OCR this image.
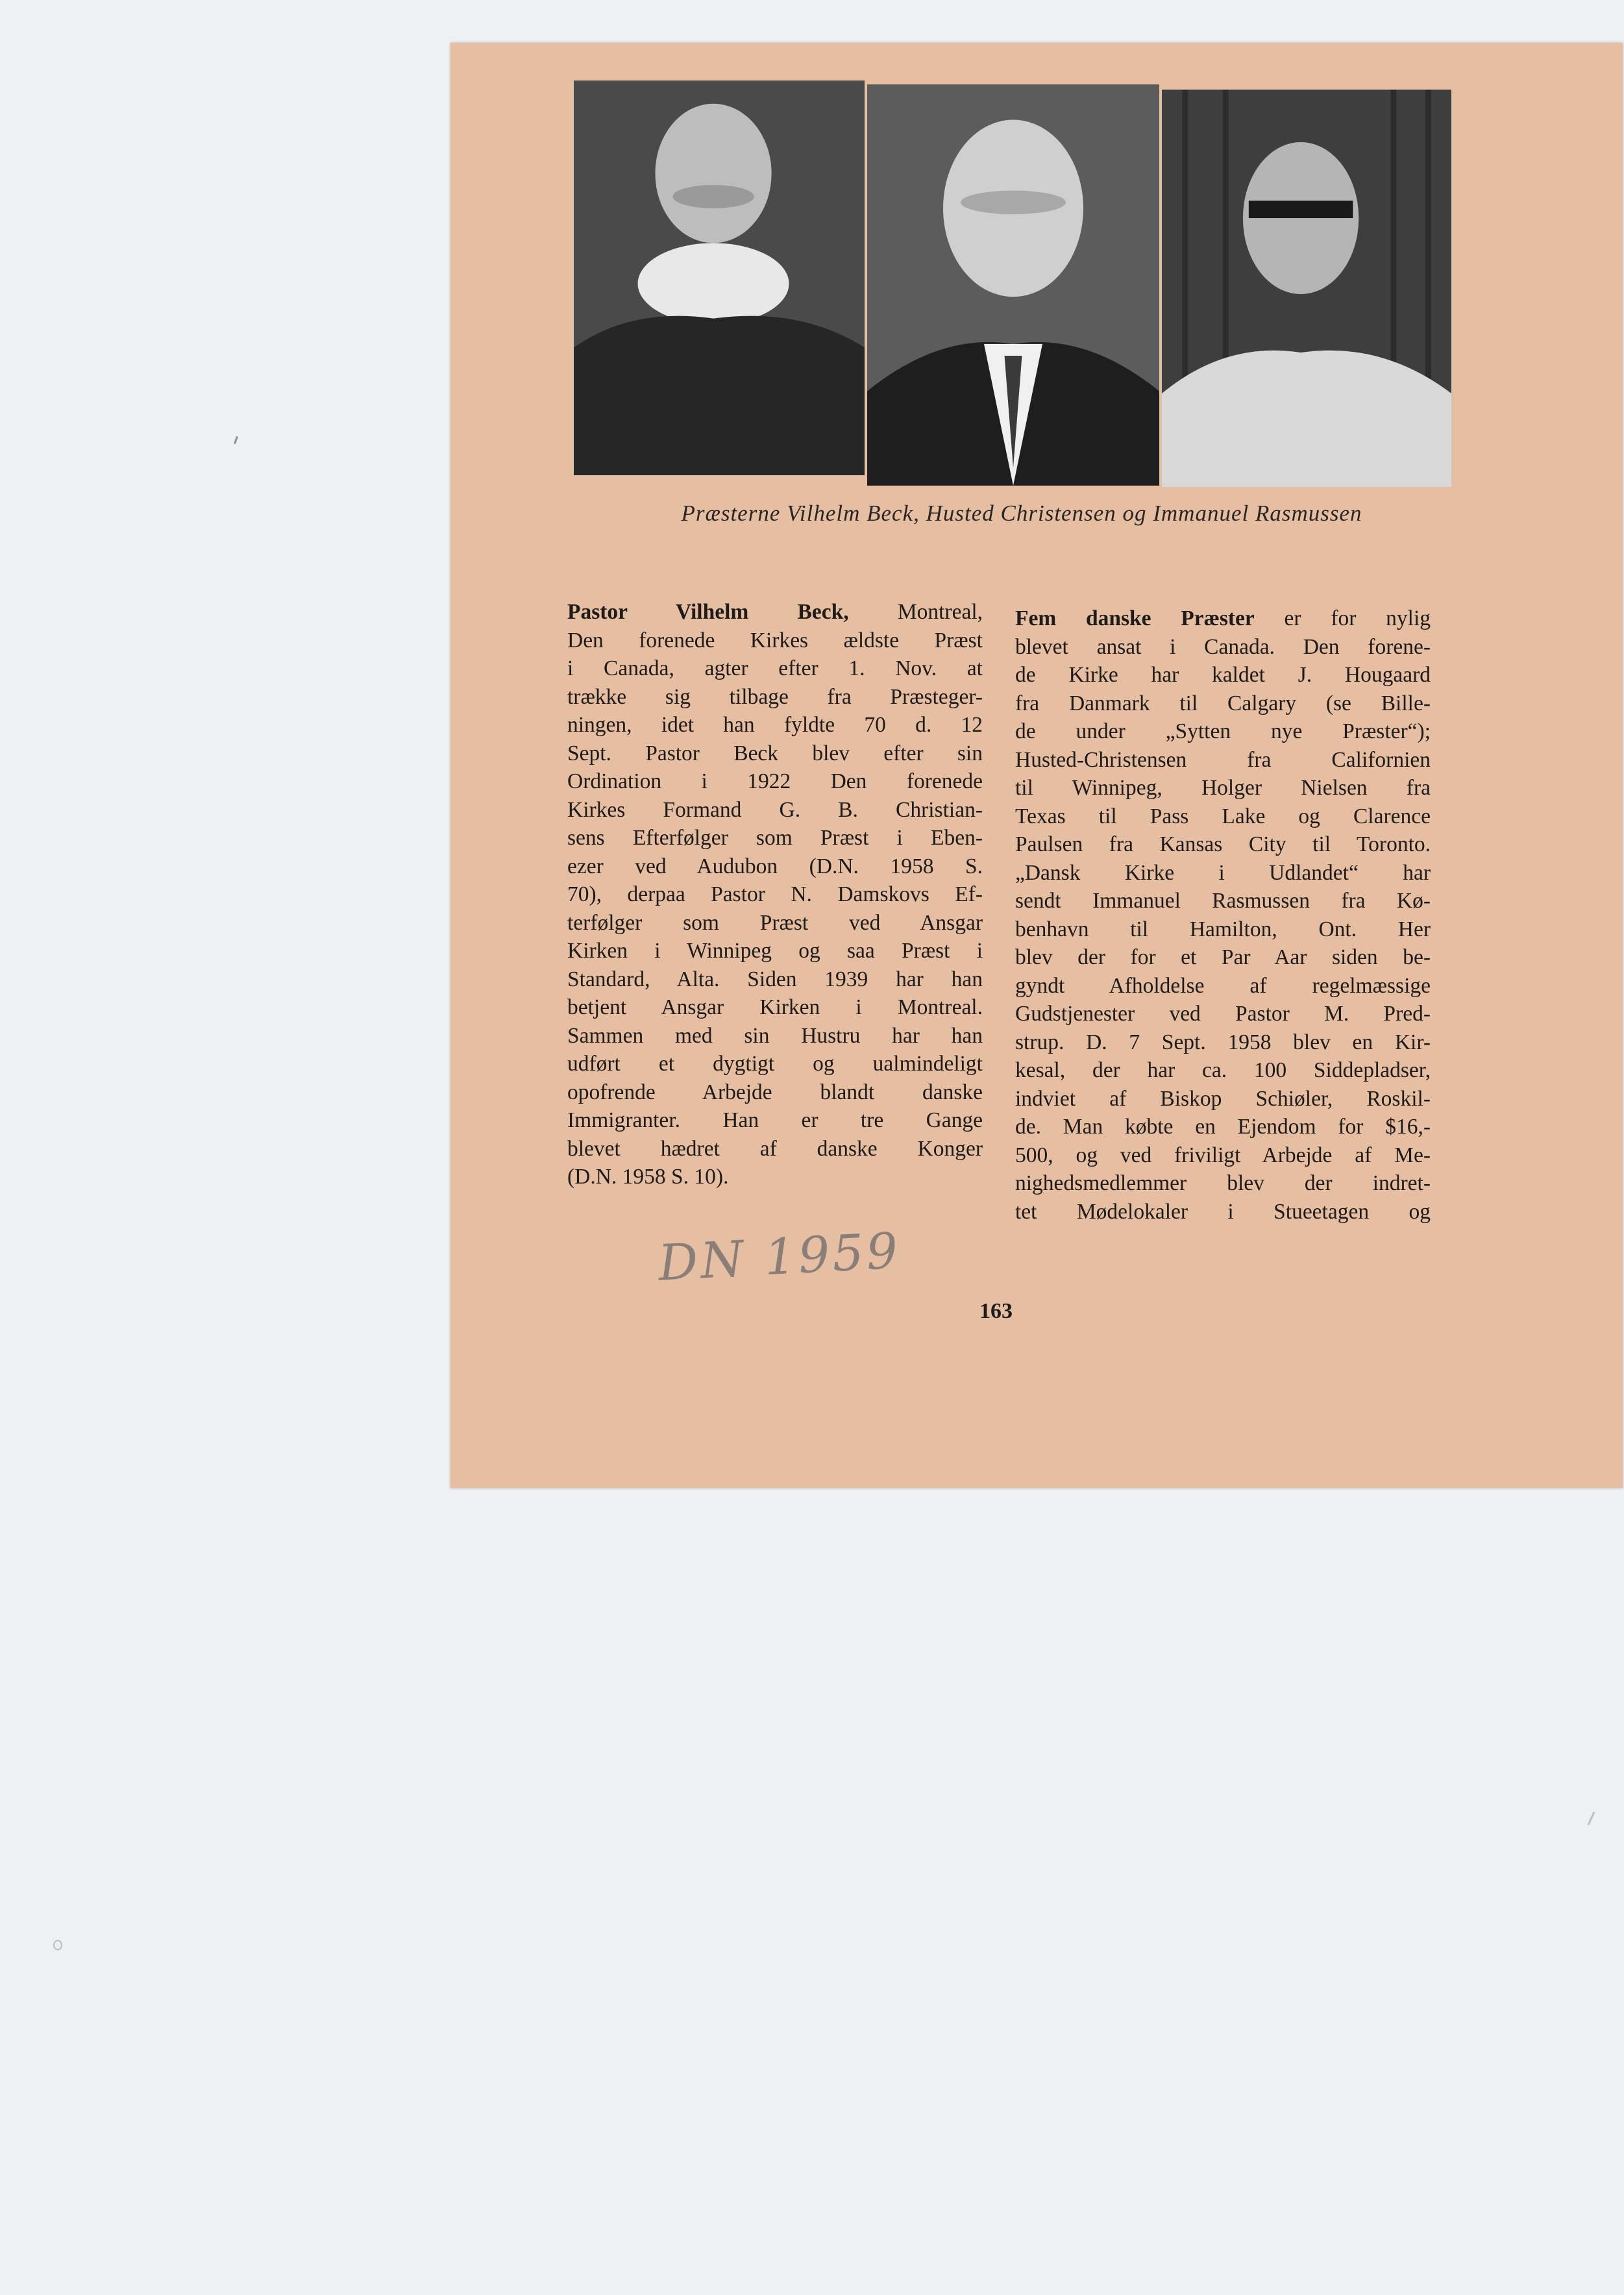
Præsterne Vilhelm Beck, Husted Christensen og Immanuel Rasmussen
Pastor Vilhelm Beck, Montreal,
Den forenede Kirkes ældste Præst
i Canada, agter efter 1. Nov. at
trække sig tilbage fra Præsteger-
ningen, idet han fyldte 70 d. 12
Sept. Pastor Beck blev efter sin
Ordination i 1922 Den forenede
Kirkes Formand G. B. Christian-
sens Efterfølger som Præst i Eben-
ezer ved Audubon (D.N. 1958 S.
70), derpaa Pastor N. Damskovs Ef-
terfølger som Præst ved Ansgar
Kirken i Winnipeg og saa Præst i
Standard, Alta. Siden 1939 har han
betjent Ansgar Kirken i Montreal.
Sammen med sin Hustru har han
udført et dygtigt og ualmindeligt
opofrende Arbejde blandt danske
Immigranter. Han er tre Gange
blevet hædret af danske Konger
(D.N. 1958 S. 10).
Fem danske Præster er for nylig
blevet ansat i Canada. Den forene-
de Kirke har kaldet J. Hougaard
fra Danmark til Calgary (se Bille-
de under „Sytten nye Præster“);
Husted-Christensen fra Californien
til Winnipeg, Holger Nielsen fra
Texas til Pass Lake og Clarence
Paulsen fra Kansas City til Toronto.
„Dansk Kirke i Udlandet“ har
sendt Immanuel Rasmussen fra Kø-
benhavn til Hamilton, Ont. Her
blev der for et Par Aar siden be-
gyndt Afholdelse af regelmæssige
Gudstjenester ved Pastor M. Pred-
strup. D. 7 Sept. 1958 blev en Kir-
kesal, der har ca. 100 Siddepladser,
indviet af Biskop Schiøler, Roskil-
de. Man købte en Ejendom for $16,-
500, og ved friviligt Arbejde af Me-
nighedsmedlemmer blev der indret-
tet Mødelokaler i Stueetagen og
DN 1959
163
